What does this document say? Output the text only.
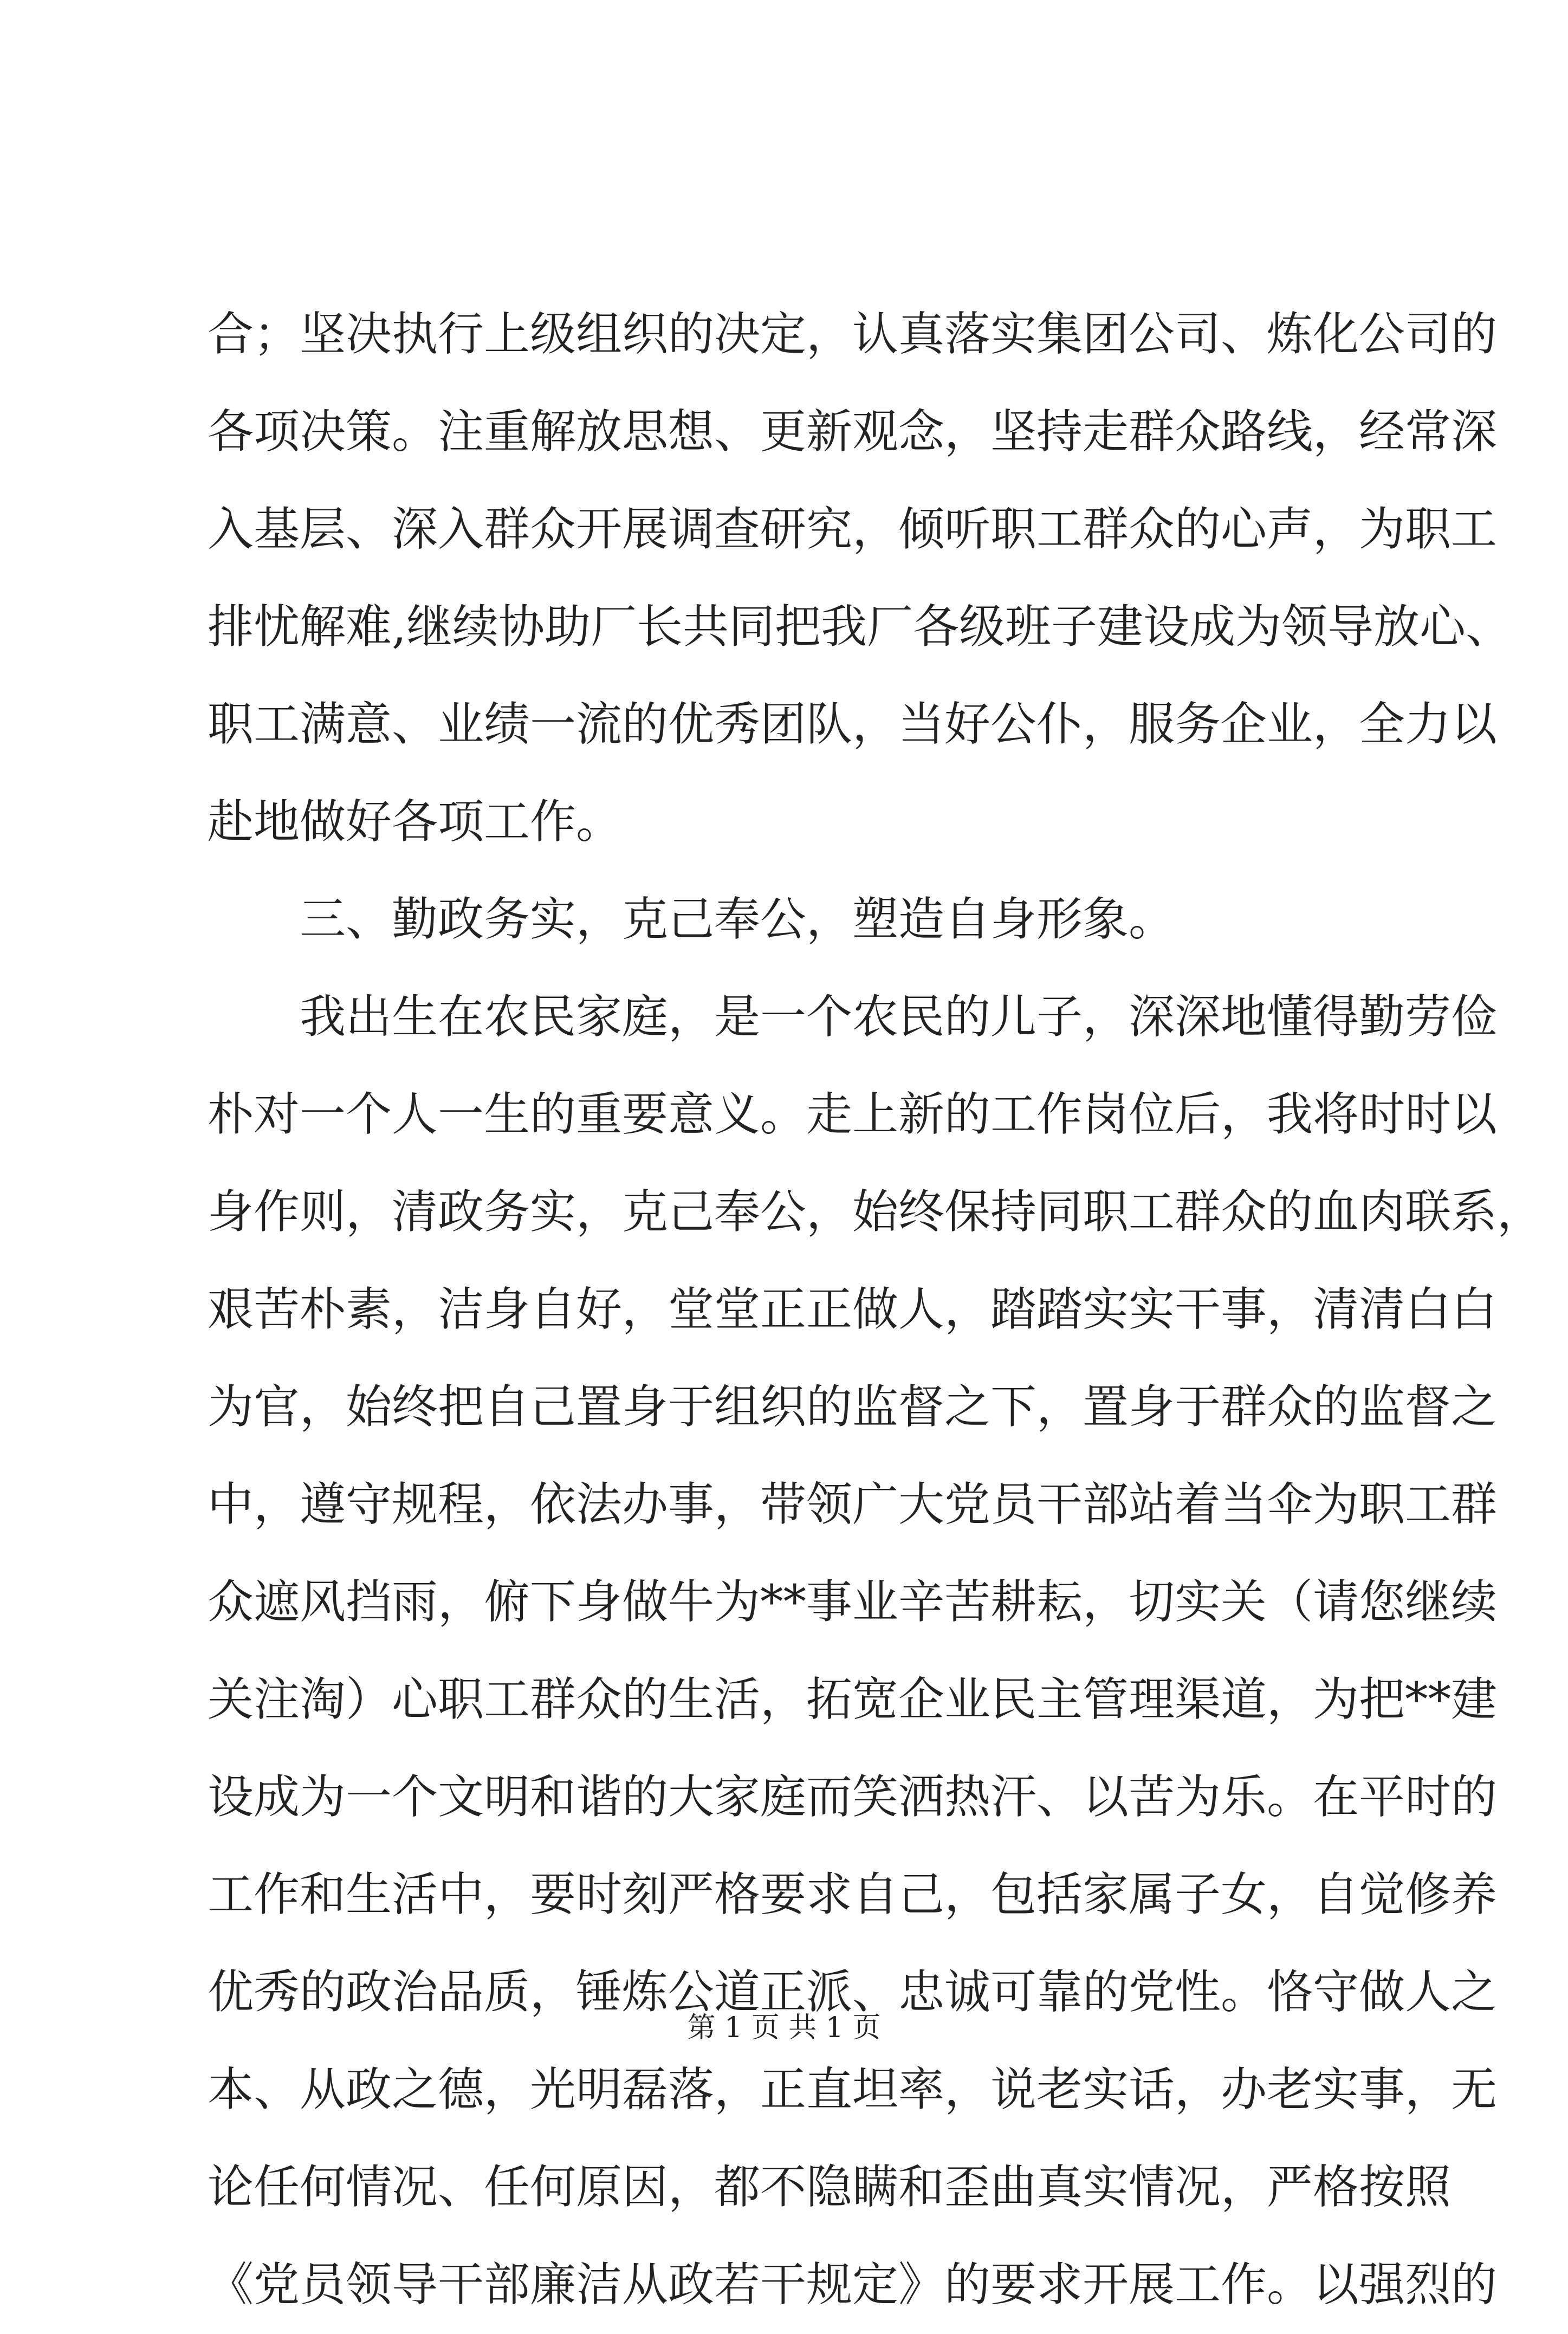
合；坚决执行上级组织的决定，认真落实集团公司、炼化公司的
各项决策。注重解放思想、更新观念，坚持走群众路线，经常深
入基层、深入群众开展调查研究，倾听职工群众的心声，为职工
排忧解难,继续协助厂长共同把我厂各级班子建设成为领导放心、
职工满意、业绩一流的优秀团队，当好公仆，服务企业，全力以
赴地做好各项工作。
三、勤政务实，克己奉公，塑造自身形象。
我出生在农民家庭，是一个农民的儿子，深深地懂得勤劳俭
朴对一个人一生的重要意义。走上新的工作岗位后，我将时时以
身作则，清政务实，克己奉公，始终保持同职工群众的血肉联系，
艰苦朴素，洁身自好，堂堂正正做人，踏踏实实干事，清清白白
为官，始终把自己置身于组织的监督之下，置身于群众的监督之
中，遵守规程，依法办事，带领广大党员干部站着当伞为职工群
众遮风挡雨，俯下身做牛为**事业辛苦耕耘，切实关（请您继续
关注淘）心职工群众的生活，拓宽企业民主管理渠道，为把**建
设成为一个文明和谐的大家庭而笑洒热汗、以苦为乐。在平时的
工作和生活中，要时刻严格要求自己，包括家属子女，自觉修养
优秀的政治品质，锤炼公道正派、忠诚可靠的党性。恪守做人之
本、从政之德，光明磊落，正直坦率，说老实话，办老实事，无
论任何情况、任何原因，都不隐瞒和歪曲真实情况，严格按照
《党员领导干部廉洁从政若干规定》的要求开展工作。以强烈的
第 1 页 共 1 页
